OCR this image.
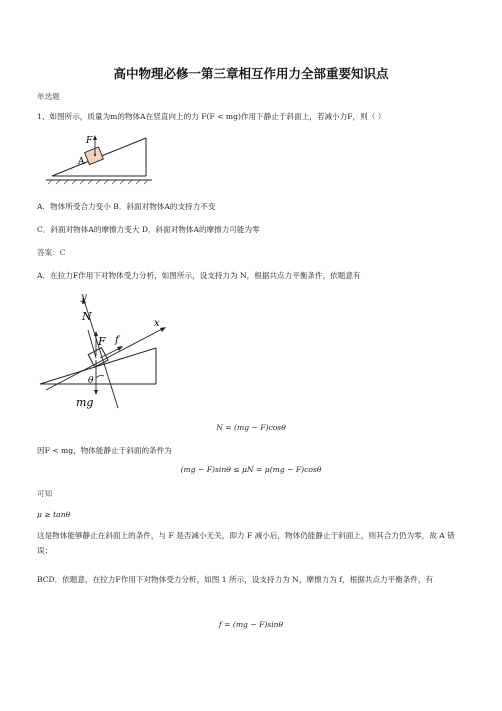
高中物理必修一第三章相互作用力全部重要知识点
单选题
1、如图所示，质量为m的物体A在竖直向上的力 F(F < mg)作用下静止于斜面上，若减小力F，则（ ）
F
A
A．物体所受合力变小 B．斜面对物体A的支持力不变
C．斜面对物体A的摩擦力变大 D．斜面对物体A的摩擦力可能为零
答案：C
A．在拉力F作用下对物体受力分析，如图所示，设支持力为 N，根据共点力平衡条件，依题意有
x
y
F
N
f
θ
mg
N = (mg − F)cosθ
因F < mg，物体能静止于斜面的条件为
(mg − F)sinθ ≤ μN = μ(mg − F)cosθ
可知
μ ≥ tanθ
这是物体能够静止在斜面上的条件，与 F 是否减小无关，即力 F 减小后，物体仍能静止于斜面上，则其合力仍为零，故 A 错误；
BCD．依题意，在拉力F作用下对物体受力分析，如图 1 所示，设支持力为 N，摩擦力为 f，根据共点力平衡条件，有
f = (mg − F)sinθ
